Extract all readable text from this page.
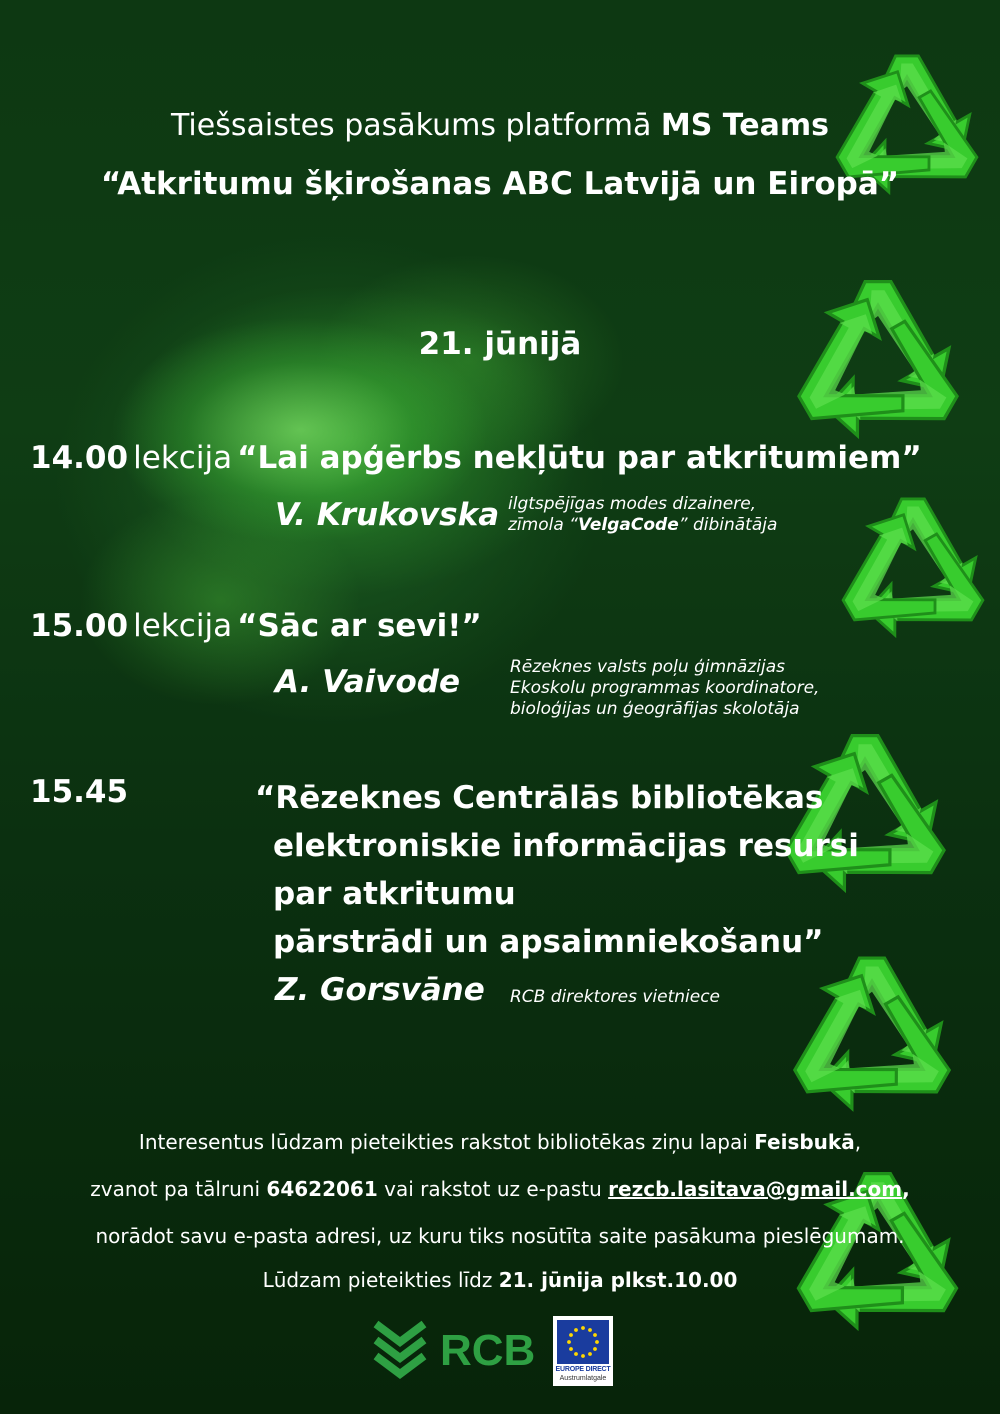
Tiešsaistes pasākums platformā MS Teams
“Atkritumu šķirošanas ABC Latvijā un Eiropā”
21. jūnijā
14.00 lekcija “Lai apģērbs nekļūtu par atkritumiem”
V. Krukovska ilgtspējīgas modes dizainere,
zīmola “VelgaCode” dibinātāja
15.00 lekcija “Sāc ar sevi!”
A. Vaivode	Rēzeknes valsts poļu ģimnāzijas
Ekoskolu programmas koordinatore,
bioloģijas un ģeogrāfijas skolotāja
15.45	“Rēzeknes Centrālās bibliotēkas
elektroniskie informācijas resursi
par atkritumu
pārstrādi un apsaimniekošanu”
Z. Gorsvāne RCB direktores vietniece
Interesentus lūdzam pieteikties rakstot bibliotēkas ziņu lapai Feisbukā,
zvanot pa tālruni 64622061 vai rakstot uz e-pastu rezcb.lasitava@gmail.com,
norādot savu e-pasta adresi, uz kuru tiks nosūtīta saite pasākuma pieslēgumam.
Lūdzam pieteikties līdz 21. jūnija plkst.10.00
RCB	EUROPE DIRECT
Austrumlatgale
